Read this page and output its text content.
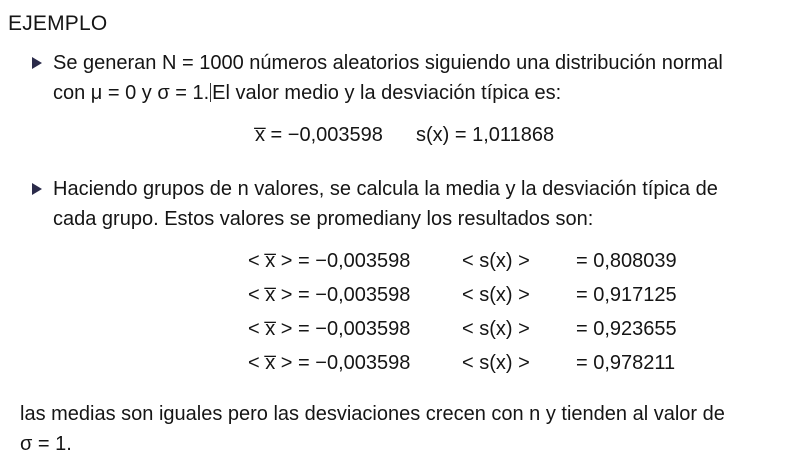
EJEMPLO
Se generan N = 1000 números aleatorios siguiendo una distribución normal
con μ = 0 y σ = 1. El valor medio y la desviación típica es:
x̅ = −0,003598 s(x) = 1,011868
Haciendo grupos de n valores, se calcula la media y la desviación típica de
cada grupo. Estos valores se promediany los resultados son:
< x̅ > = −0,003598	< s(x) > = 0,808039
< x̅ > = −0,003598	< s(x) > = 0,917125
< x̅ > = −0,003598	< s(x) > = 0,923655
< x̅ > = −0,003598	< s(x) > = 0,978211
las medias son iguales pero las desviaciones crecen con n y tienden al valor de
σ = 1.
